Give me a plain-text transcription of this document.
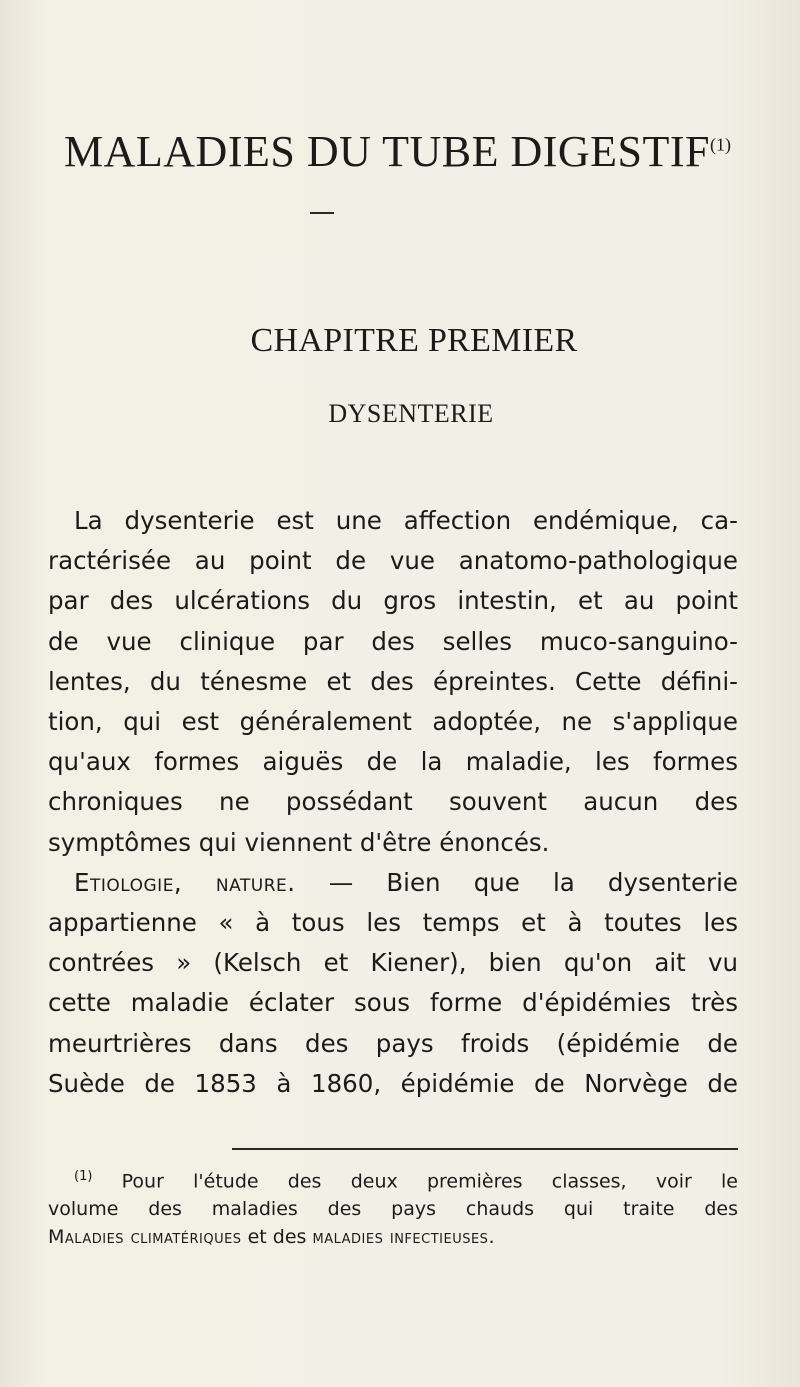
MALADIES DU TUBE DIGESTIF$^{(1)}$
CHAPITRE PREMIER
DYSENTERIE
La dysenterie est une affection endémique, ca-
ractérisée au point de vue anatomo-pathologique
par des ulcérations du gros intestin, et au point
de vue clinique par des selles muco-sanguino-
lentes, du ténesme et des épreintes. Cette défini-
tion, qui est généralement adoptée, ne s'applique
qu'aux formes aiguës de la maladie, les formes
chroniques ne possédant souvent aucun des
symptômes qui viennent d'être énoncés.
Etiologie, nature. — Bien que la dysenterie
appartienne « à tous les temps et à toutes les
contrées » (Kelsch et Kiener), bien qu'on ait vu
cette maladie éclater sous forme d'épidémies très
meurtrières dans des pays froids (épidémie de
Suède de 1853 à 1860, épidémie de Norvège de
$^{(1)}$ Pour l'étude des deux premières classes, voir le
volume des maladies des pays chauds qui traite des
Maladies climatériques et des maladies infectieuses.
